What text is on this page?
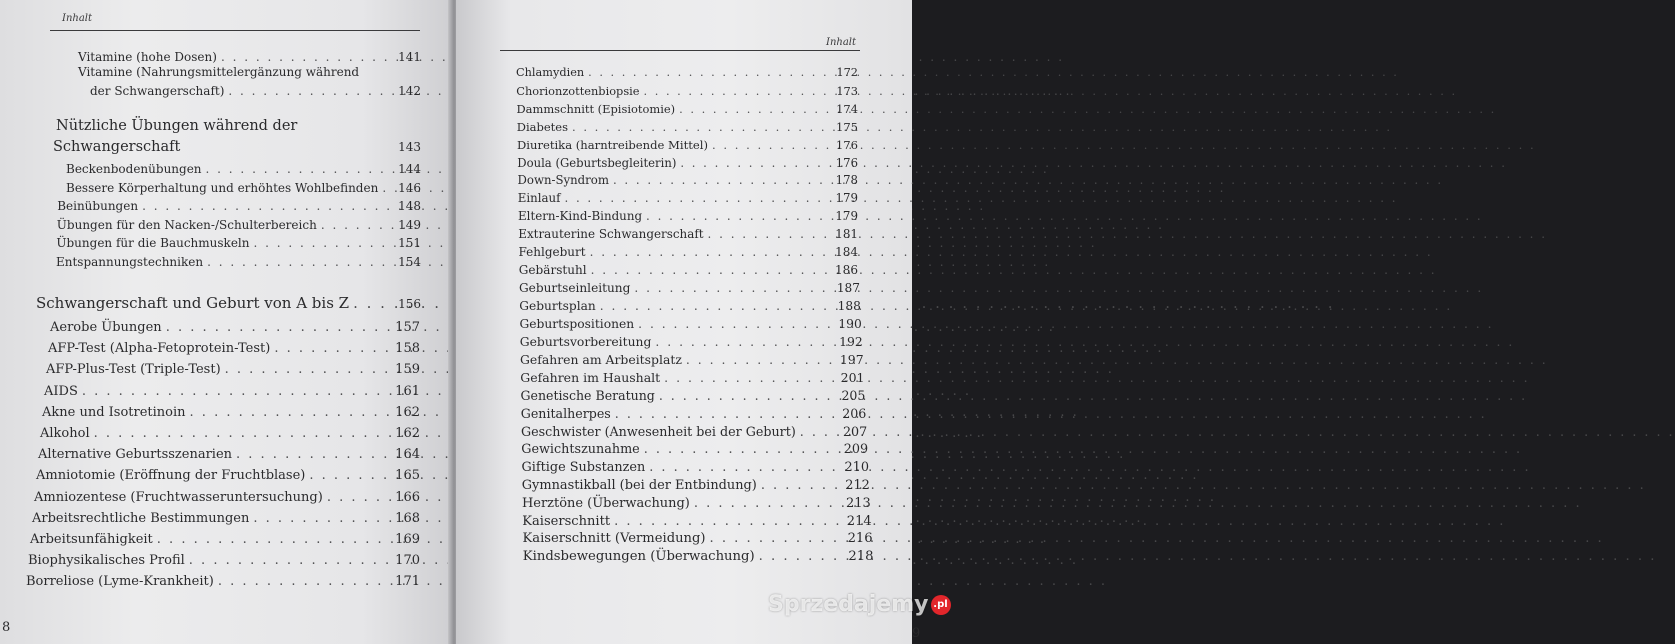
Inhalt
Vitamine (hohe Dosen) . . .	141
Vitamine (Nahrungsmittelergänzung während
der Schwangerschaft) . . .	142
Nützliche Übungen während der
Schwangerschaft	143
Beckenbodenübungen . . .	144
Bessere Körperhaltung und erhöhtes Wohlbefinden . . . 146
Beinübungen . . .	148
Übungen für den Nacken-/Schulterbereich . . .	149
Übungen für die Bauchmuskeln . . .	151
Entspannungstechniken . . .	154
Schwangerschaft und Geburt von A bis Z . . .	156
Aerobe Übungen . . .	157
AFP-Test (Alpha-Fetoprotein-Test) . . .	158
AFP-Plus-Test (Triple-Test) . . .	159
AIDS . . .	161
Akne und Isotretinoin . . .	162
Alkohol . . .	162
Alternative Geburtsszenarien . . .	164
Amniotomie (Eröffnung der Fruchtblase) . . .	165
Amniozentese (Fruchtwasseruntersuchung) . . .	166
Arbeitsrechtliche Bestimmungen . . .	168
Arbeitsunfähigkeit . . .	169
Biophysikalisches Profil . . .	170
Borreliose (Lyme-Krankheit) . . .	171
8
Inhalt
Chlamydien . . .	172
Chorionzottenbiopsie . . .	173
Dammschnitt (Episiotomie) . . .	174
Diabetes . . .	175
Diuretika (harntreibende Mittel) . . .	176
Doula (Geburtsbegleiterin) . . .	176
Down-Syndrom . . .	178
Einlauf . . .	179
Eltern-Kind-Bindung . . .	179
Extrauterine Schwangerschaft . . .	181
Fehlgeburt . . .	184
Gebärstuhl . . .	186
Geburtseinleitung . . .	187
Geburtsplan . . .	188
Geburtspositionen . . .	190
Geburtsvorbereitung . . .	192
Gefahren am Arbeitsplatz . . .	197
Gefahren im Haushalt . . .	201
Genetische Beratung . . .	205
Genitalherpes . . .	206
Geschwister (Anwesenheit bei der Geburt) . . .	207
Gewichtszunahme . . .	209
Giftige Substanzen . . .	210
Gymnastikball (bei der Entbindung) . . .	212
Herztöne (Überwachung) . . .	213
Kaiserschnitt . . .	214
Kaiserschnitt (Vermeidung) . . .	216
Kindsbewegungen (Überwachung) . . .	218
9
Sprzedajemy .pl
